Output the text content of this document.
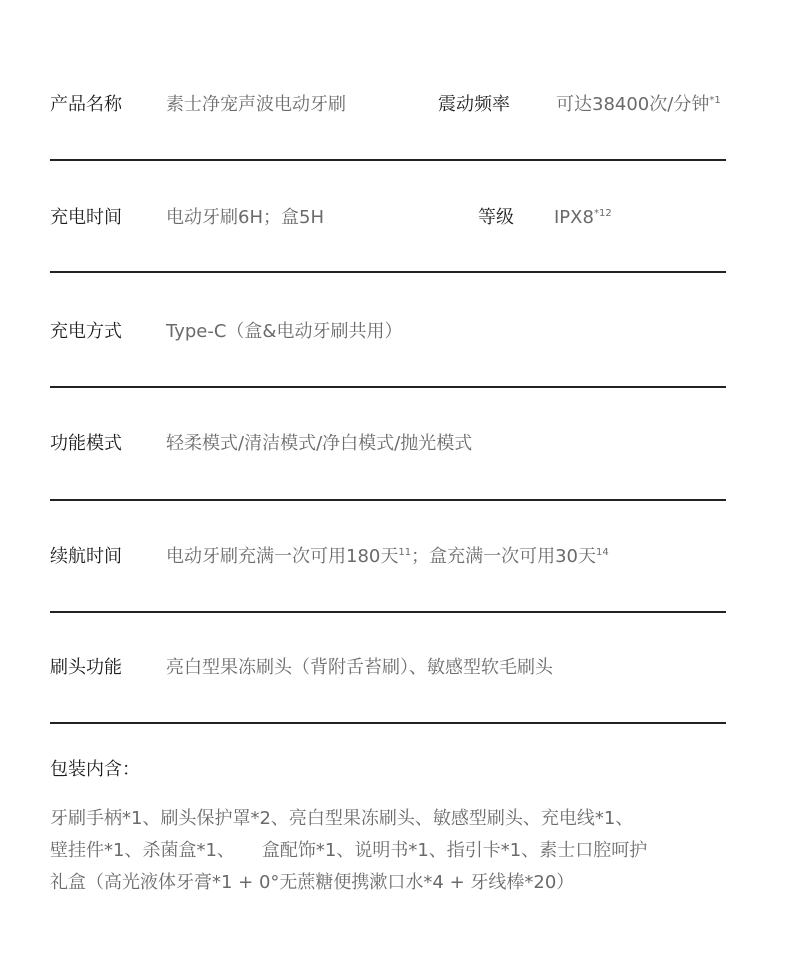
产品名称 素士净宠声波电动牙刷	震动频率	可达38400次/分钟$^{*1}$
充电时间 电动牙刷6H；盒5H	等级 IPX8$^{*12}$
充电方式 Type-C（盒&电动牙刷共用）
功能模式 轻柔模式/清洁模式/净白模式/抛光模式
续航时间 电动牙刷充满一次可用180天$^{11}$；盒充满一次可用30天$^{14}$
刷头功能 亮白型果冻刷头（背附舌苔刷）、敏感型软毛刷头
包装内含：
牙刷手柄*1、刷头保护罩*2、亮白型果冻刷头、敏感型刷头、充电线*1、
壁挂件*1、杀菌盒*1、　　盒配饰*1、说明书*1、指引卡*1、素士口腔呵护
礼盒（高光液体牙膏*1 + 0°无蔗糖便携漱口水*4 + 牙线棒*20）
